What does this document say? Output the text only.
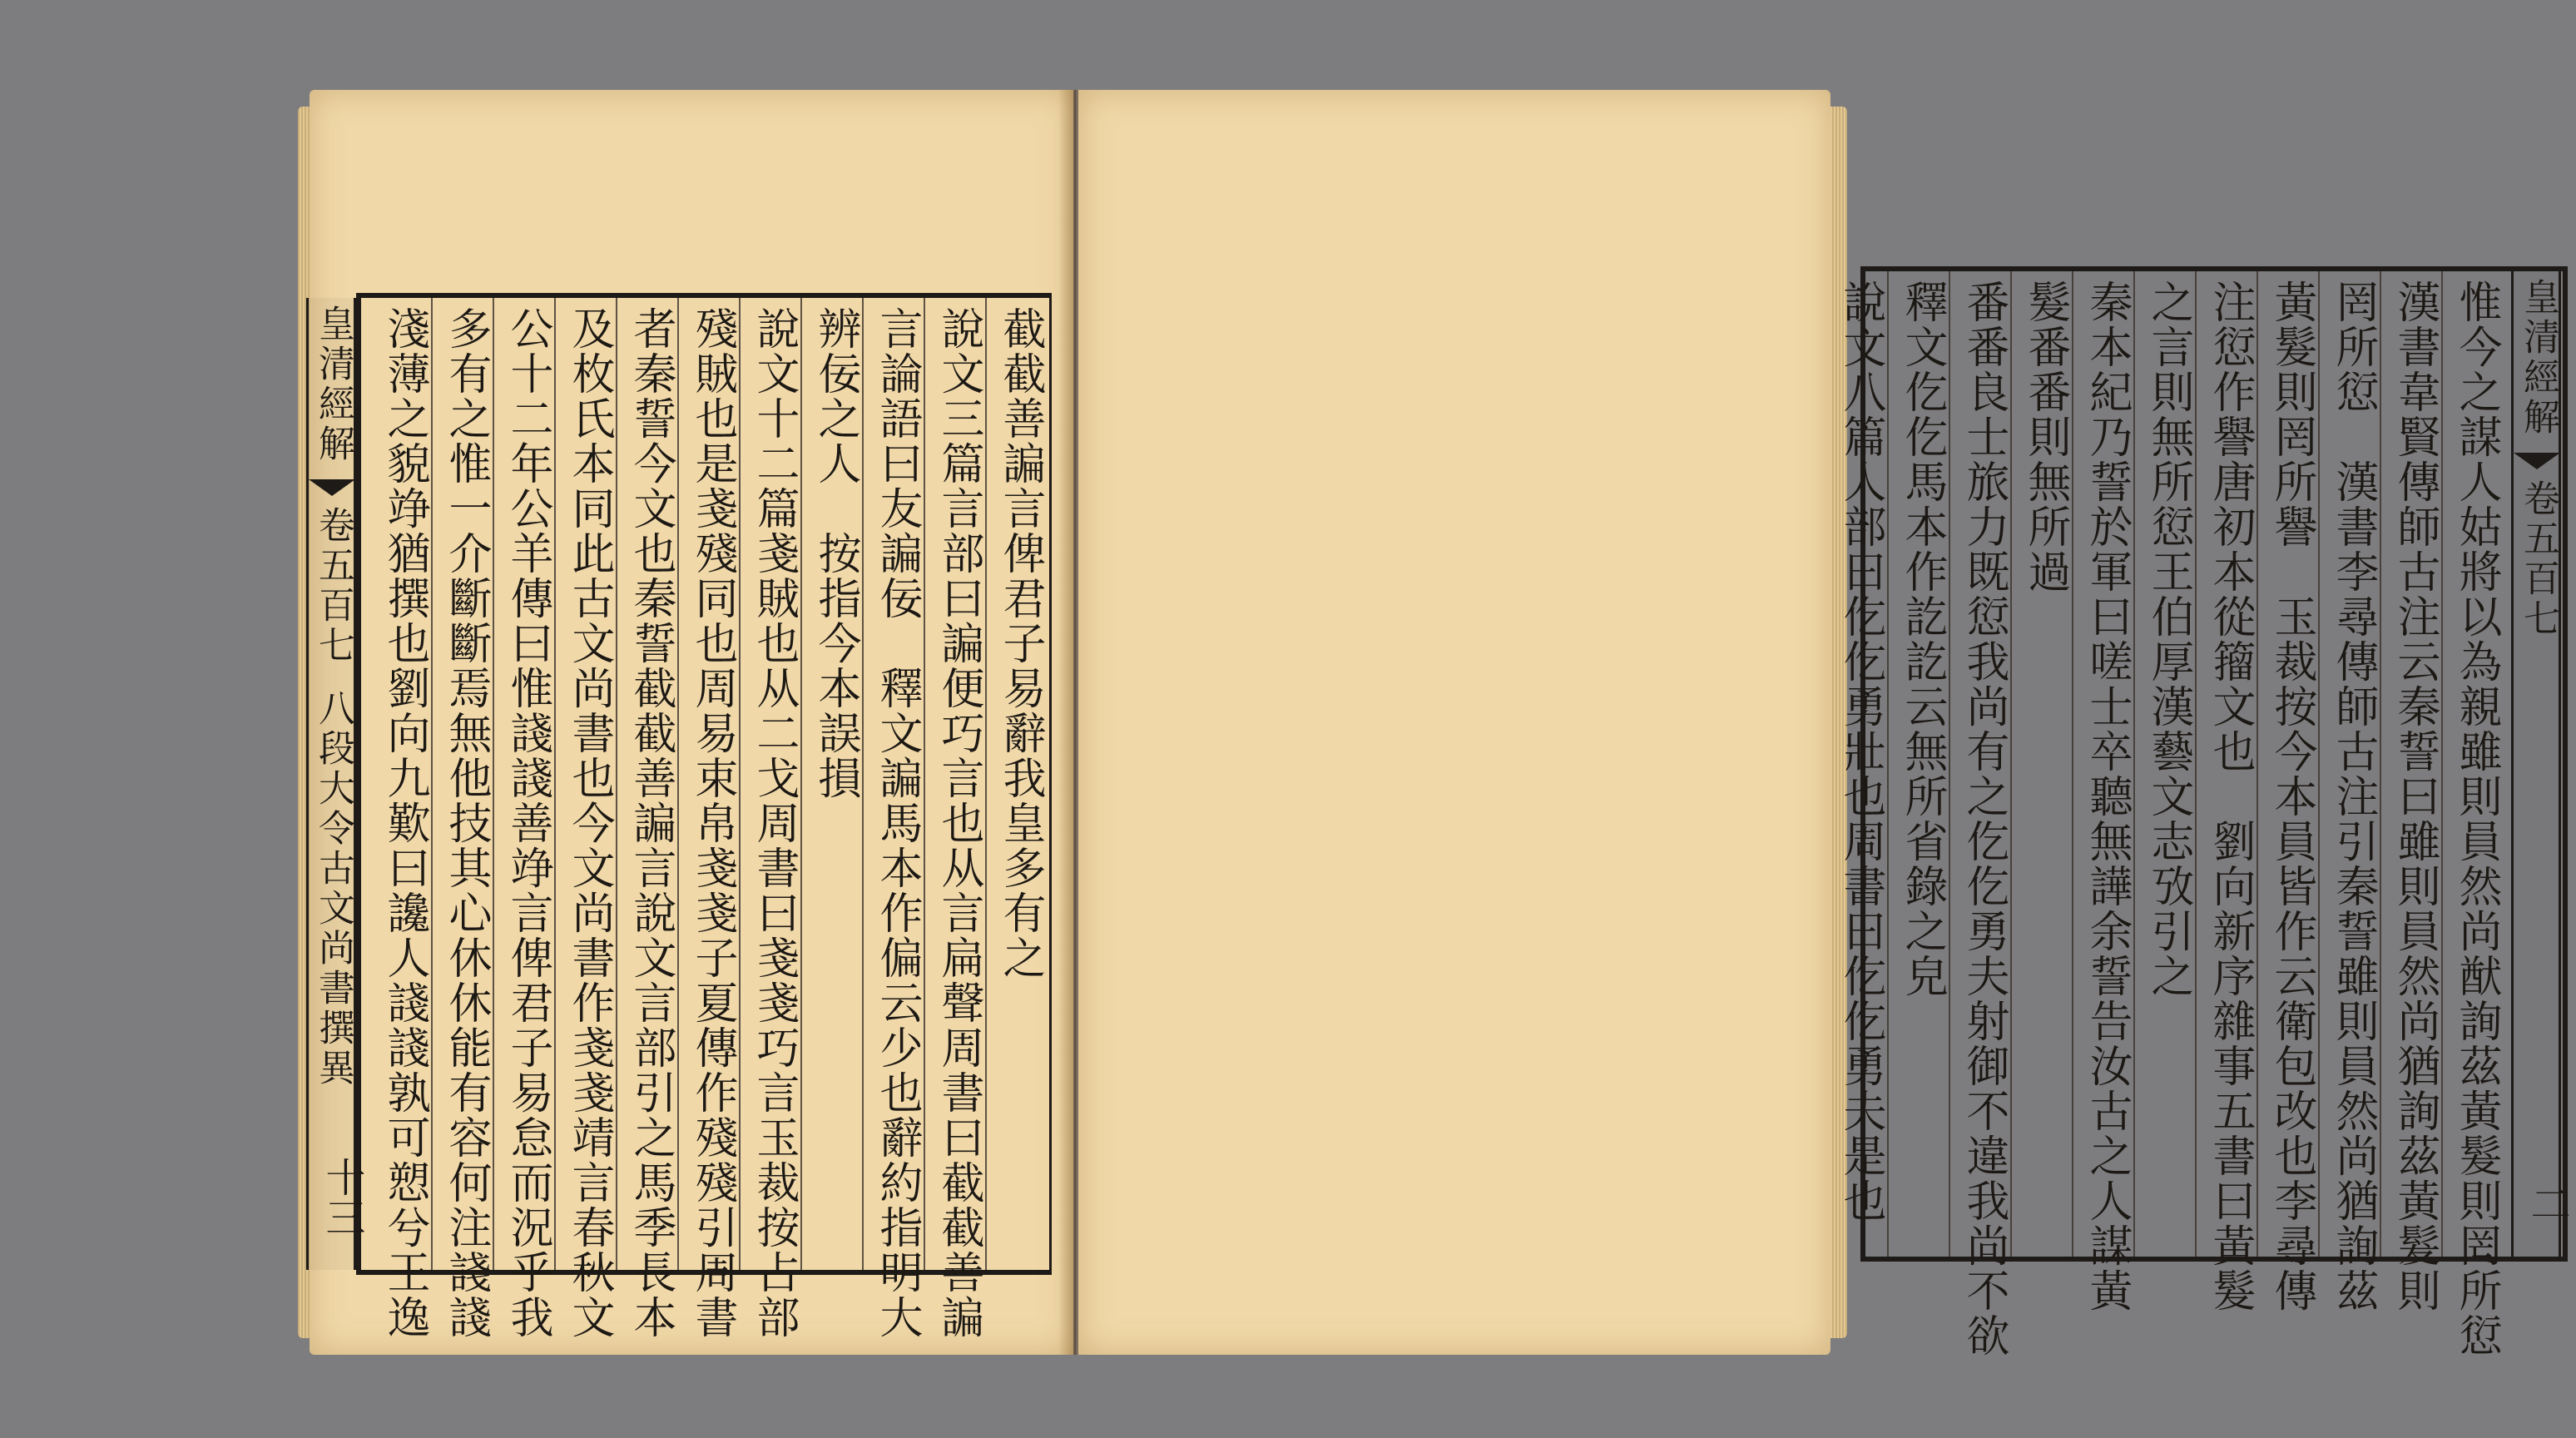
截截善諞言俾君子易辭我皇多有之
說文三篇言部曰諞便巧言也从言扁聲周書曰截截善諞
言論語曰友諞佞　釋文諞馬本作偏云少也辭約指明大
辨佞之人　按指今本誤損
說文十二篇戔賊也从二戈周書曰戔戔巧言玉裁按占部
殘賊也是戔殘同也周易束帛戔戔子夏傳作殘殘引周書
者秦誓今文也秦誓截截善諞言說文言部引之馬季長本
及枚氏本同此古文尚書也今文尚書作戔戔靖言春秋文
公十二年公羊傳曰惟諓諓善竫言俾君子易怠而況乎我
多有之惟一介斷斷焉無他技其心休休能有容何注諓諓
淺薄之貌竫猶撰也劉向九歎曰讒人諓諓孰可愬兮王逸
皇清經解
卷五百七
八段大令古文尚書撰異
十三	惟今之謀人姑將以為親雖則員然尚猷詢茲黃髮則罔所愆
漢書韋賢傳師古注云秦誓曰雖則員然尚猶詢茲黃髮則
罔所愆　漢書李尋傳師古注引秦誓雖則員然尚猶詢茲
黃髮則罔所譽　玉裁按今本員皆作云衛包改也李尋傳
注愆作譽唐初本從籀文也　劉向新序雜事五書曰黃髮
之言則無所愆王伯厚漢藝文志攷引之
秦本紀乃誓於軍曰嗟士卒聽無譁余誓告汝古之人謀黃
髮番番則無所過
番番良士旅力既愆我尚有之仡仡勇夫射御不違我尚不欲
釋文仡仡馬本作訖訖云無所省錄之皃
說文八篇人部曰仡仡勇壯也周書曰仡仡勇夫是也	皇清經解
卷五百七
二
